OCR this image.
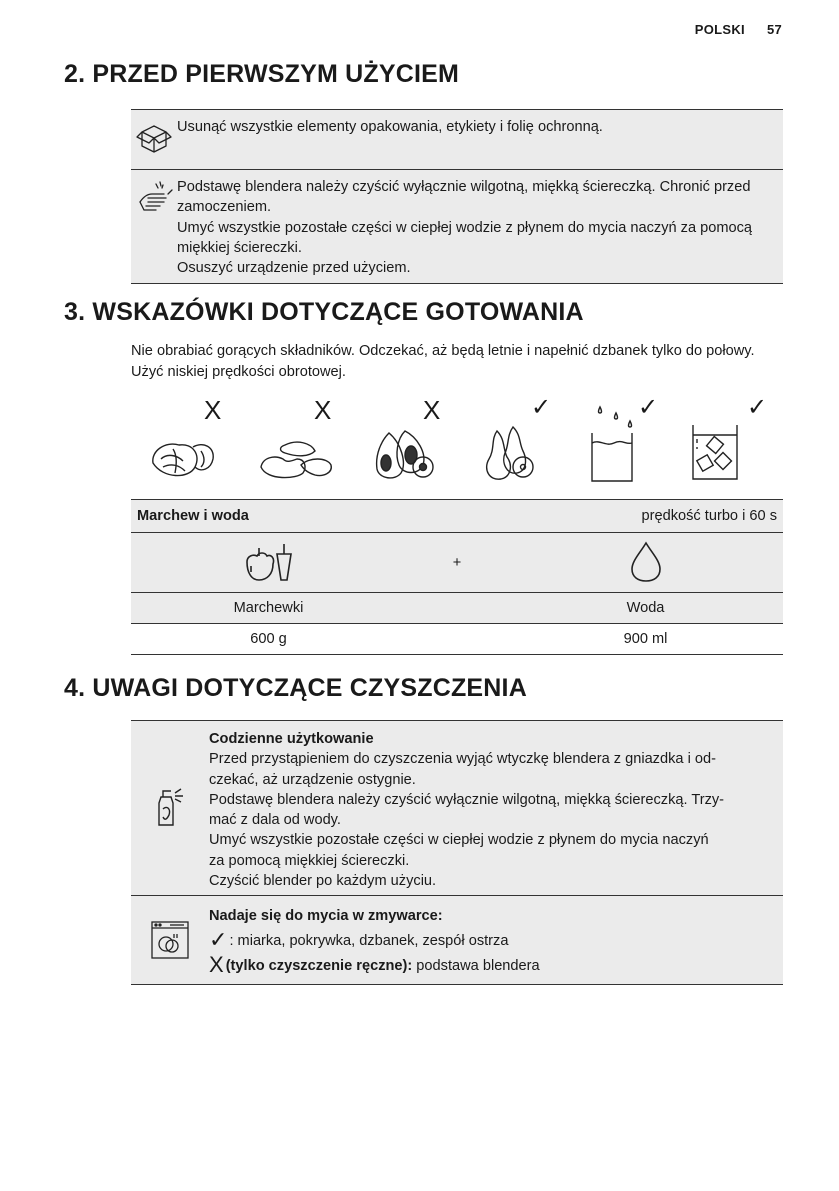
POLSKI 57
2. PRZED PIERWSZYM UŻYCIEM
Usunąć wszystkie elementy opakowania, etykiety i folię ochronną.
Podstawę blendera należy czyścić wyłącznie wilgotną, miękką ściereczką. Chronić przed zamoczeniem.
Umyć wszystkie pozostałe części w ciepłej wodzie z płynem do mycia naczyń za pomocą miękkiej ściereczki.
Osuszyć urządzenie przed użyciem.
3. WSKAZÓWKI DOTYCZĄCE GOTOWANIA
Nie obrabiać gorących składników. Odczekać, aż będą letnie i napełnić dzbanek tylko do połowy. Użyć niskiej prędkości obrotowej.
X	X	X	✓	✓	✓
Marchew i woda		prędkość turbo i 60 s
	+	
Marchewki		Woda
600 g		900 ml
4. UWAGI DOTYCZĄCE CZYSZCZENIA
Codzienne użytkowanie
Przed przystąpieniem do czyszczenia wyjąć wtyczkę blendera z gniazdka i od-
czekać, aż urządzenie ostygnie.
Podstawę blendera należy czyścić wyłącznie wilgotną, miękką ściereczką. Trzy-
mać z dala od wody.
Umyć wszystkie pozostałe części w ciepłej wodzie z płynem do mycia naczyń
za pomocą miękkiej ściereczki.
Czyścić blender po każdym użyciu.
Nadaje się do mycia w zmywarce:
✓ : miarka, pokrywka, dzbanek, zespół ostrza
X (tylko czyszczenie ręczne): podstawa blendera
